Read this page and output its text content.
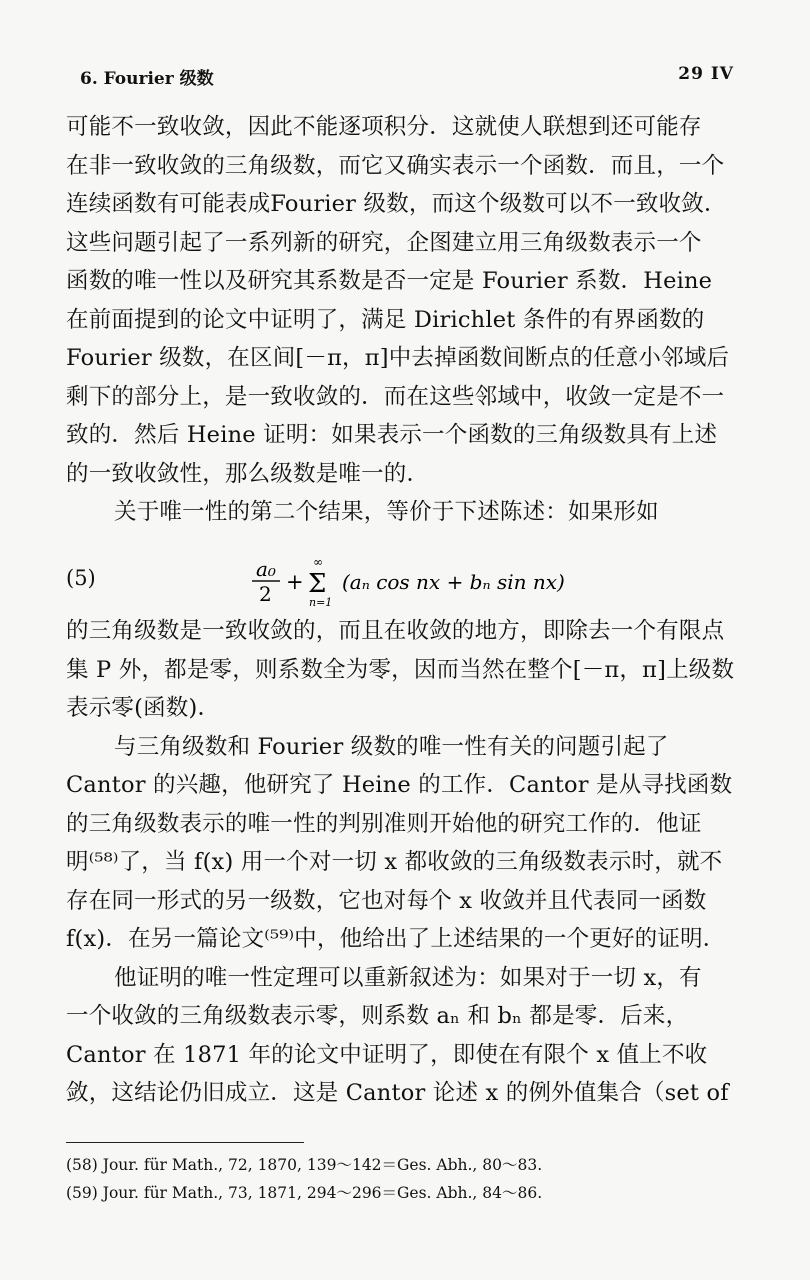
6. Fourier 级数	29 IV
可能不一致收敛，因此不能逐项积分．这就使人联想到还可能存
在非一致收敛的三角级数，而它又确实表示一个函数．而且，一个
连续函数有可能表成Fourier 级数，而这个级数可以不一致收敛．
这些问题引起了一系列新的研究，企图建立用三角级数表示一个
函数的唯一性以及研究其系数是否一定是 Fourier 系数．Heine
在前面提到的论文中证明了，满足 Dirichlet 条件的有界函数的
Fourier 级数，在区间[－π，π]中去掉函数间断点的任意小邻域后
剩下的部分上，是一致收敛的．而在这些邻域中，收敛一定是不一
致的．然后 Heine 证明：如果表示一个函数的三角级数具有上述
的一致收敛性，那么级数是唯一的．
关于唯一性的第二个结果，等价于下述陈述：如果形如
(5)	a₀
2 +
∞
Σ
n=1
(aₙ cos nx + bₙ sin nx)
的三角级数是一致收敛的，而且在收敛的地方，即除去一个有限点
集 P 外，都是零，则系数全为零，因而当然在整个[－π，π]上级数
表示零(函数)．
与三角级数和 Fourier 级数的唯一性有关的问题引起了
Cantor 的兴趣，他研究了 Heine 的工作．Cantor 是从寻找函数
的三角级数表示的唯一性的判别准则开始他的研究工作的．他证
明⁽⁵⁸⁾了，当 f(x) 用一个对一切 x 都收敛的三角级数表示时，就不
存在同一形式的另一级数，它也对每个 x 收敛并且代表同一函数
f(x)．在另一篇论文⁽⁵⁹⁾中，他给出了上述结果的一个更好的证明．
他证明的唯一性定理可以重新叙述为：如果对于一切 x，有
一个收敛的三角级数表示零，则系数 aₙ 和 bₙ 都是零．后来，
Cantor 在 1871 年的论文中证明了，即使在有限个 x 值上不收
敛，这结论仍旧成立．这是 Cantor 论述 x 的例外值集合（set of
(58) Jour. für Math., 72, 1870, 139～142＝Ges. Abh., 80～83.
(59) Jour. für Math., 73, 1871, 294～296＝Ges. Abh., 84～86.
